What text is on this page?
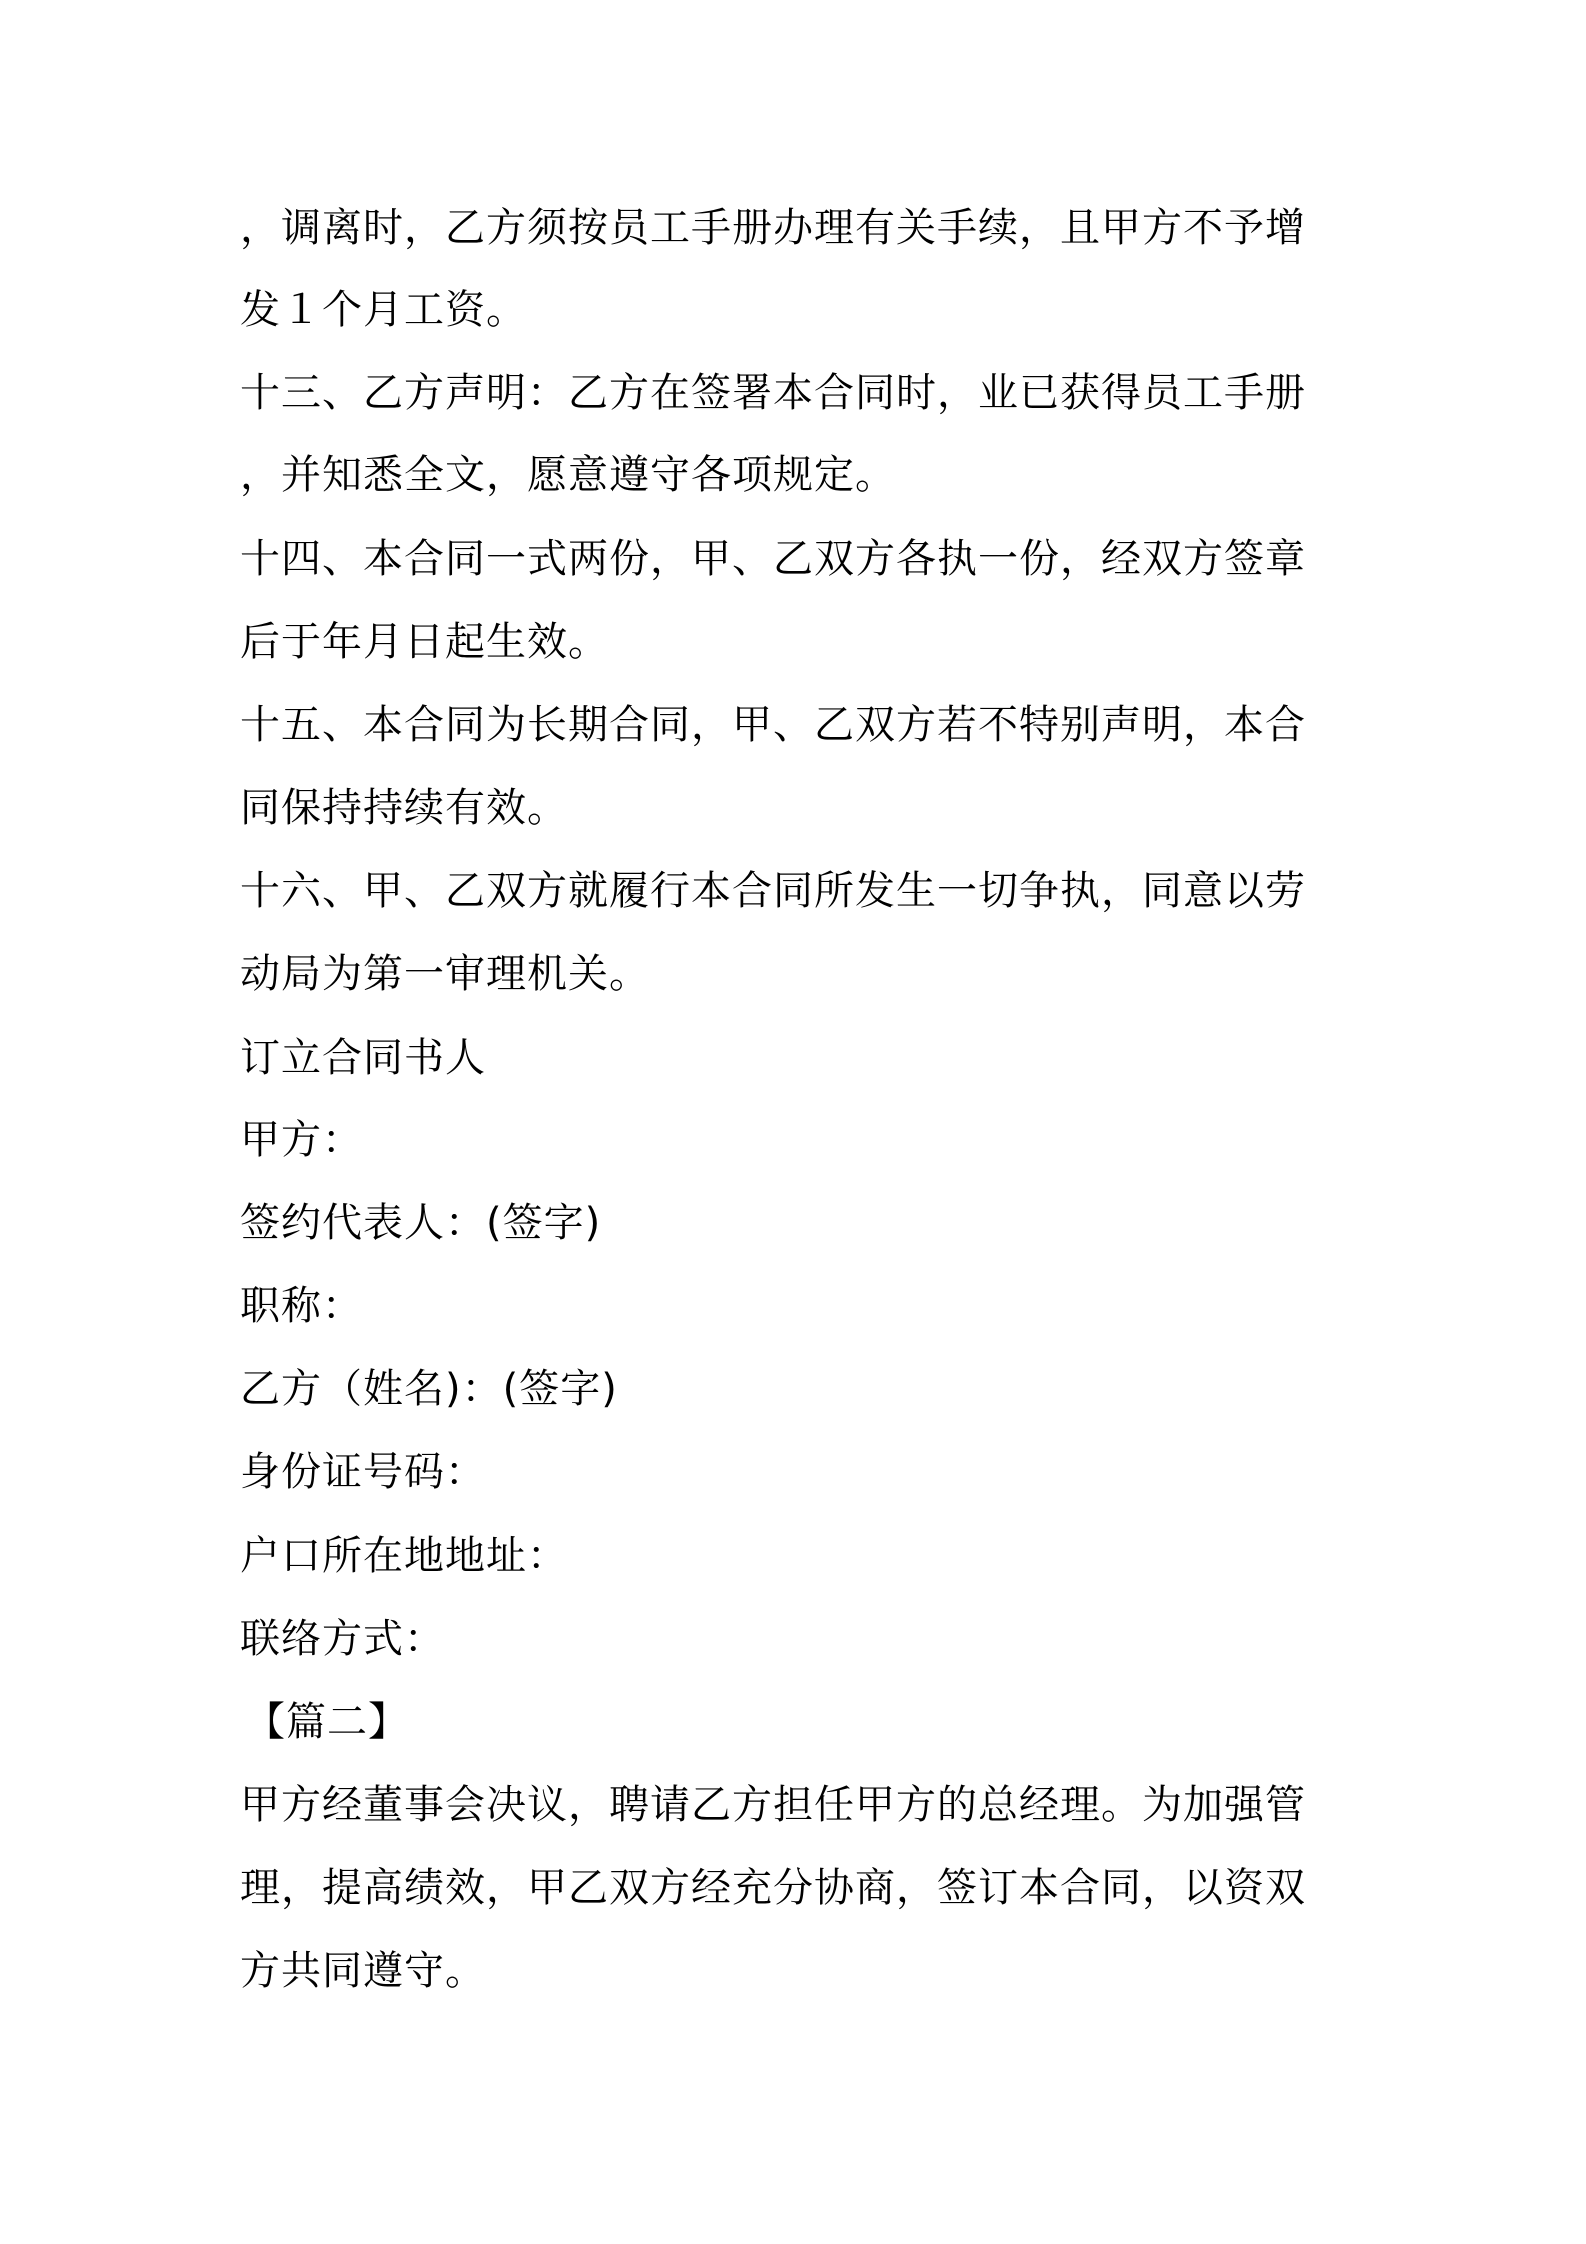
，调离时，乙方须按员工手册办理有关手续，且甲方不予增
发１个月工资。
十三、乙方声明：乙方在签署本合同时，业已获得员工手册
，并知悉全文，愿意遵守各项规定。
十四、本合同一式两份，甲、乙双方各执一份，经双方签章
后于年月日起生效。
十五、本合同为长期合同，甲、乙双方若不特别声明，本合
同保持持续有效。
十六、甲、乙双方就履行本合同所发生一切争执，同意以劳
动局为第一审理机关。
订立合同书人
甲方：
签约代表人：(签字)
职称：
乙方（姓名)：(签字)
身份证号码：
户口所在地地址：
联络方式：
【篇二】
甲方经董事会决议，聘请乙方担任甲方的总经理。为加强管
理，提高绩效，甲乙双方经充分协商，签订本合同，以资双
方共同遵守。
